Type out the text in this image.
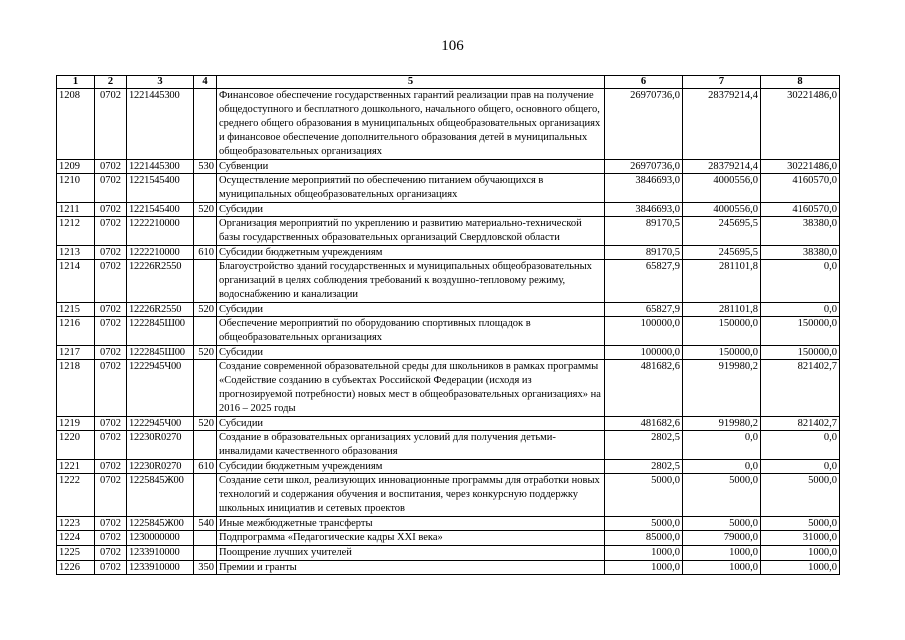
106
1	2	3	4	5	6	7	8
1208	0702	1221445300		Финансовое обеспечение государственных гарантий реализации прав на получение общедоступного и бесплатного дошкольного, начального общего, основного общего, среднего общего образования в муниципальных общеобразовательных организациях и финансовое обеспечение дополнительного образования детей в муниципальных общеобразовательных организациях	26970736,0	28379214,4	30221486,0
1209	0702	1221445300	530	Субвенции	26970736,0	28379214,4	30221486,0
1210	0702	1221545400		Осуществление мероприятий по обеспечению питанием обучающихся в муниципальных общеобразовательных организациях	3846693,0	4000556,0	4160570,0
1211	0702	1221545400	520	Субсидии	3846693,0	4000556,0	4160570,0
1212	0702	1222210000		Организация мероприятий по укреплению и развитию материально-технической базы государственных образовательных организаций Свердловской области	89170,5	245695,5	38380,0
1213	0702	1222210000	610	Субсидии бюджетным учреждениям	89170,5	245695,5	38380,0
1214	0702	12226R2550		Благоустройство зданий государственных и муниципальных общеобразовательных организаций в целях соблюдения требований к воздушно-тепловому режиму, водоснабжению и канализации	65827,9	281101,8	0,0
1215	0702	12226R2550	520	Субсидии	65827,9	281101,8	0,0
1216	0702	1222845Ш00		Обеспечение мероприятий по оборудованию спортивных площадок в общеобразовательных организациях	100000,0	150000,0	150000,0
1217	0702	1222845Ш00	520	Субсидии	100000,0	150000,0	150000,0
1218	0702	1222945Ч00		Создание современной образовательной среды для школьников в рамках программы «Содействие созданию в субъектах Российской Федерации (исходя из прогнозируемой потребности) новых мест в общеобразовательных организациях» на 2016 – 2025 годы	481682,6	919980,2	821402,7
1219	0702	1222945Ч00	520	Субсидии	481682,6	919980,2	821402,7
1220	0702	12230R0270		Создание в образовательных организациях условий для получения детьми-инвалидами качественного образования	2802,5	0,0	0,0
1221	0702	12230R0270	610	Субсидии бюджетным учреждениям	2802,5	0,0	0,0
1222	0702	1225845Ж00		Создание сети школ, реализующих инновационные программы для отработки новых технологий и содержания обучения и воспитания, через конкурсную поддержку школьных инициатив и сетевых проектов	5000,0	5000,0	5000,0
1223	0702	1225845Ж00	540	Иные межбюджетные трансферты	5000,0	5000,0	5000,0
1224	0702	1230000000		Подпрограмма «Педагогические кадры XXI века»	85000,0	79000,0	31000,0
1225	0702	1233910000		Поощрение лучших учителей	1000,0	1000,0	1000,0
1226	0702	1233910000	350	Премии и гранты	1000,0	1000,0	1000,0
